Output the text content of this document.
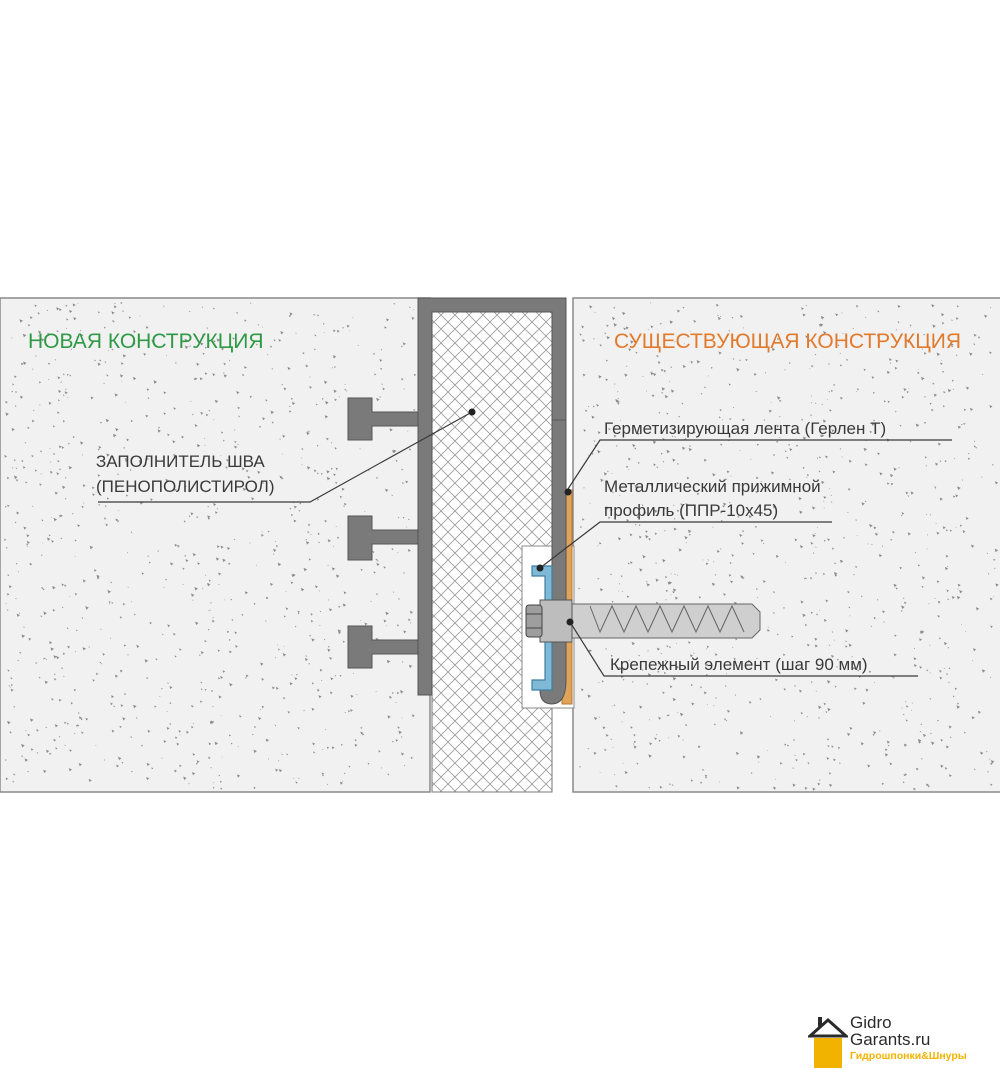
НОВАЯ КОНСТРУКЦИЯ	СУЩЕСТВУЮЩАЯ КОНСТРУКЦИЯ
ЗАПОЛНИТЕЛЬ ШВА
(ПЕНОПОЛИСТИРОЛ)
Герметизирующая лента (Герлен Т)
Металлический прижимной
профиль (ППР-10х45)
Крепежный элемент (шаг 90 мм)
Gidro
Garants.ru
Гидрошпонки&Шнуры
